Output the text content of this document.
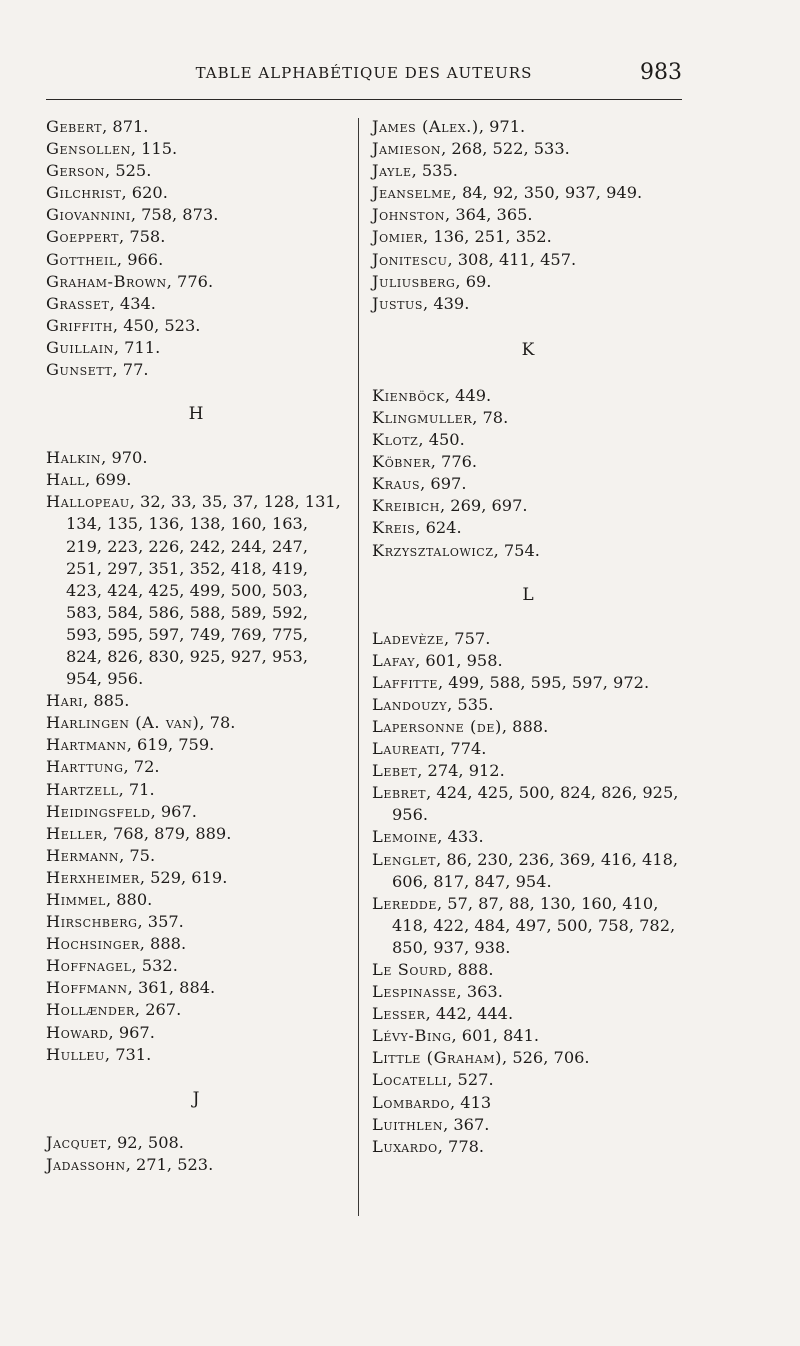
TABLE ALPHABÉTIQUE DES AUTEURS	983
Gebert, 871.
Gensollen, 115.
Gerson, 525.
Gilchrist, 620.
Giovannini, 758, 873.
Goeppert, 758.
Gottheil, 966.
Graham-Brown, 776.
Grasset, 434.
Griffith, 450, 523.
Guillain, 711.
Gunsett, 77.
H
Halkin, 970.
Hall, 699.
Hallopeau, 32, 33, 35, 37, 128, 131, 134, 135, 136, 138, 160, 163, 219, 223, 226, 242, 244, 247, 251, 297, 351, 352, 418, 419, 423, 424, 425, 499, 500, 503, 583, 584, 586, 588, 589, 592, 593, 595, 597, 749, 769, 775, 824, 826, 830, 925, 927, 953, 954, 956.
Hari, 885.
Harlingen (A. van), 78.
Hartmann, 619, 759.
Harttung, 72.
Hartzell, 71.
Heidingsfeld, 967.
Heller, 768, 879, 889.
Hermann, 75.
Herxheimer, 529, 619.
Himmel, 880.
Hirschberg, 357.
Hochsinger, 888.
Hoffnagel, 532.
Hoffmann, 361, 884.
Hollænder, 267.
Howard, 967.
Hulleu, 731.
J
Jacquet, 92, 508.
Jadassohn, 271, 523.
James (Alex.), 971.
Jamieson, 268, 522, 533.
Jayle, 535.
Jeanselme, 84, 92, 350, 937, 949.
Johnston, 364, 365.
Jomier, 136, 251, 352.
Jonitescu, 308, 411, 457.
Juliusberg, 69.
Justus, 439.
K
Kienböck, 449.
Klingmuller, 78.
Klotz, 450.
Köbner, 776.
Kraus, 697.
Kreibich, 269, 697.
Kreis, 624.
Krzysztalowicz, 754.
L
Ladevèze, 757.
Lafay, 601, 958.
Laffitte, 499, 588, 595, 597, 972.
Landouzy, 535.
Lapersonne (de), 888.
Laureati, 774.
Lebet, 274, 912.
Lebret, 424, 425, 500, 824, 826, 925, 956.
Lemoine, 433.
Lenglet, 86, 230, 236, 369, 416, 418, 606, 817, 847, 954.
Leredde, 57, 87, 88, 130, 160, 410, 418, 422, 484, 497, 500, 758, 782, 850, 937, 938.
Le Sourd, 888.
Lespinasse, 363.
Lesser, 442, 444.
Lévy-Bing, 601, 841.
Little (Graham), 526, 706.
Locatelli, 527.
Lombardo, 413
Luithlen, 367.
Luxardo, 778.
